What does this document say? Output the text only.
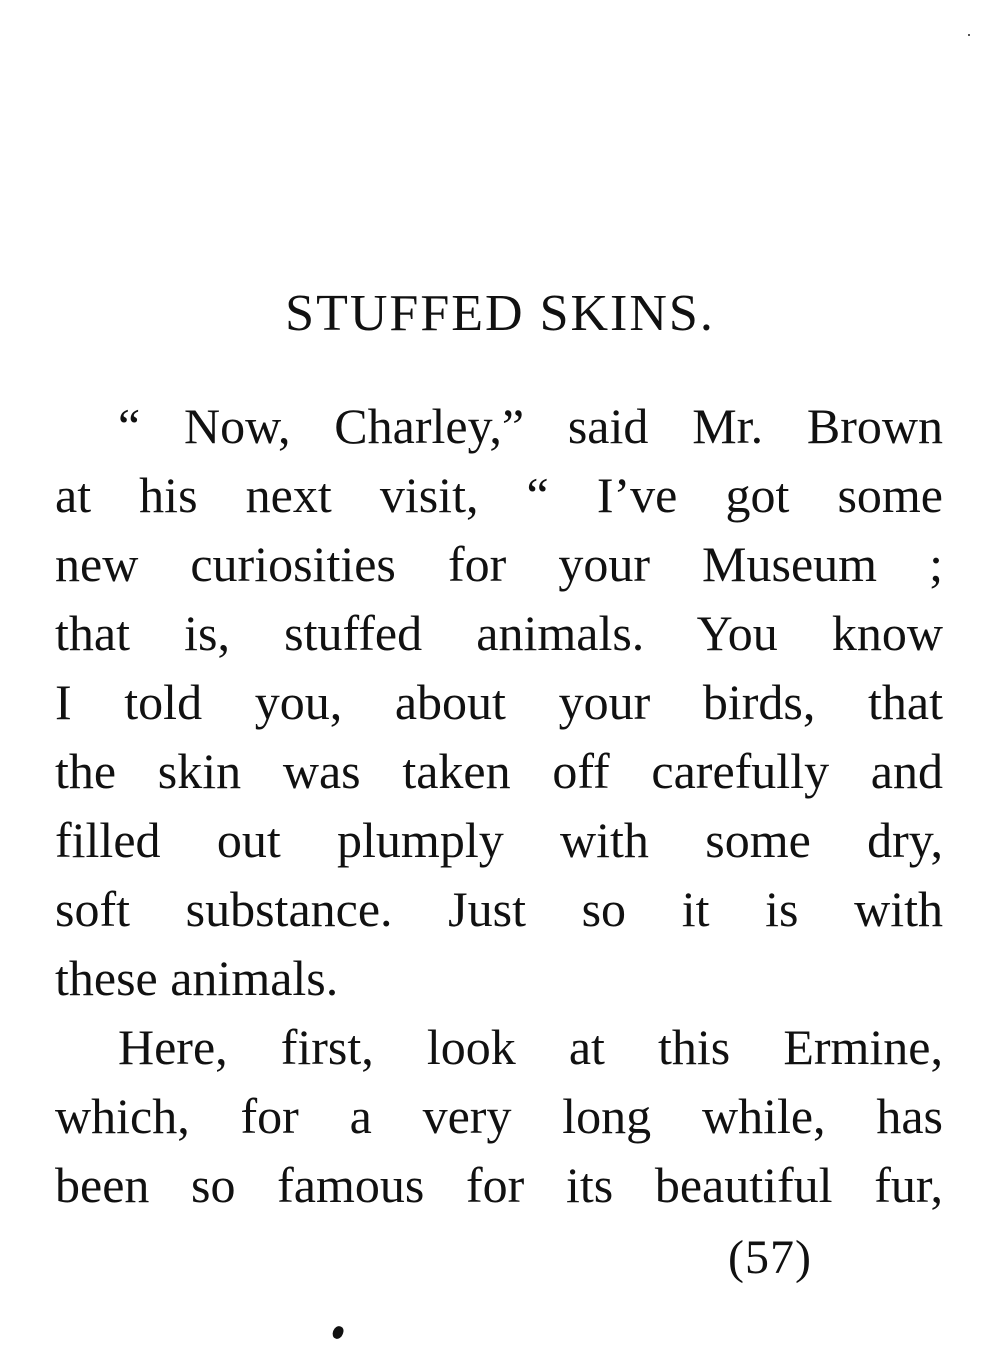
STUFFED SKINS.
“ Now, Charley,” said Mr. Brown
at his next visit, “ I’ve got some
new curiosities for your Museum ;
that is, stuffed animals. You know
I told you, about your birds, that
the skin was taken off carefully and
filled out plumply with some dry,
soft substance. Just so it is with
these animals.
Here, first, look at this Ermine,
which, for a very long while, has
been so famous for its beautiful fur,
(57)
